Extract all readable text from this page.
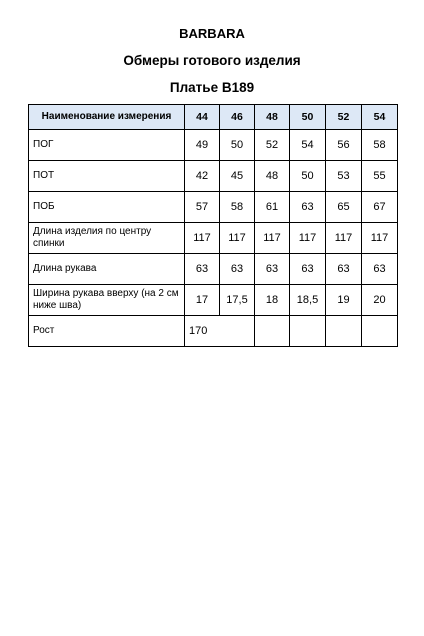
BARBARA
Обмеры готового изделия
Платье B189
Наименование измерения	44	46	48	50	52	54
ПОГ	49	50	52	54	56	58
ПОТ	42	45	48	50	53	55
ПОБ	57	58	61	63	65	67
Длина изделия по центру спинки	117	117	117	117	117	117
Длина рукава	63	63	63	63	63	63
Ширина рукава вверху (на 2 см ниже шва)	17	17,5	18	18,5	19	20
Рост	170					
